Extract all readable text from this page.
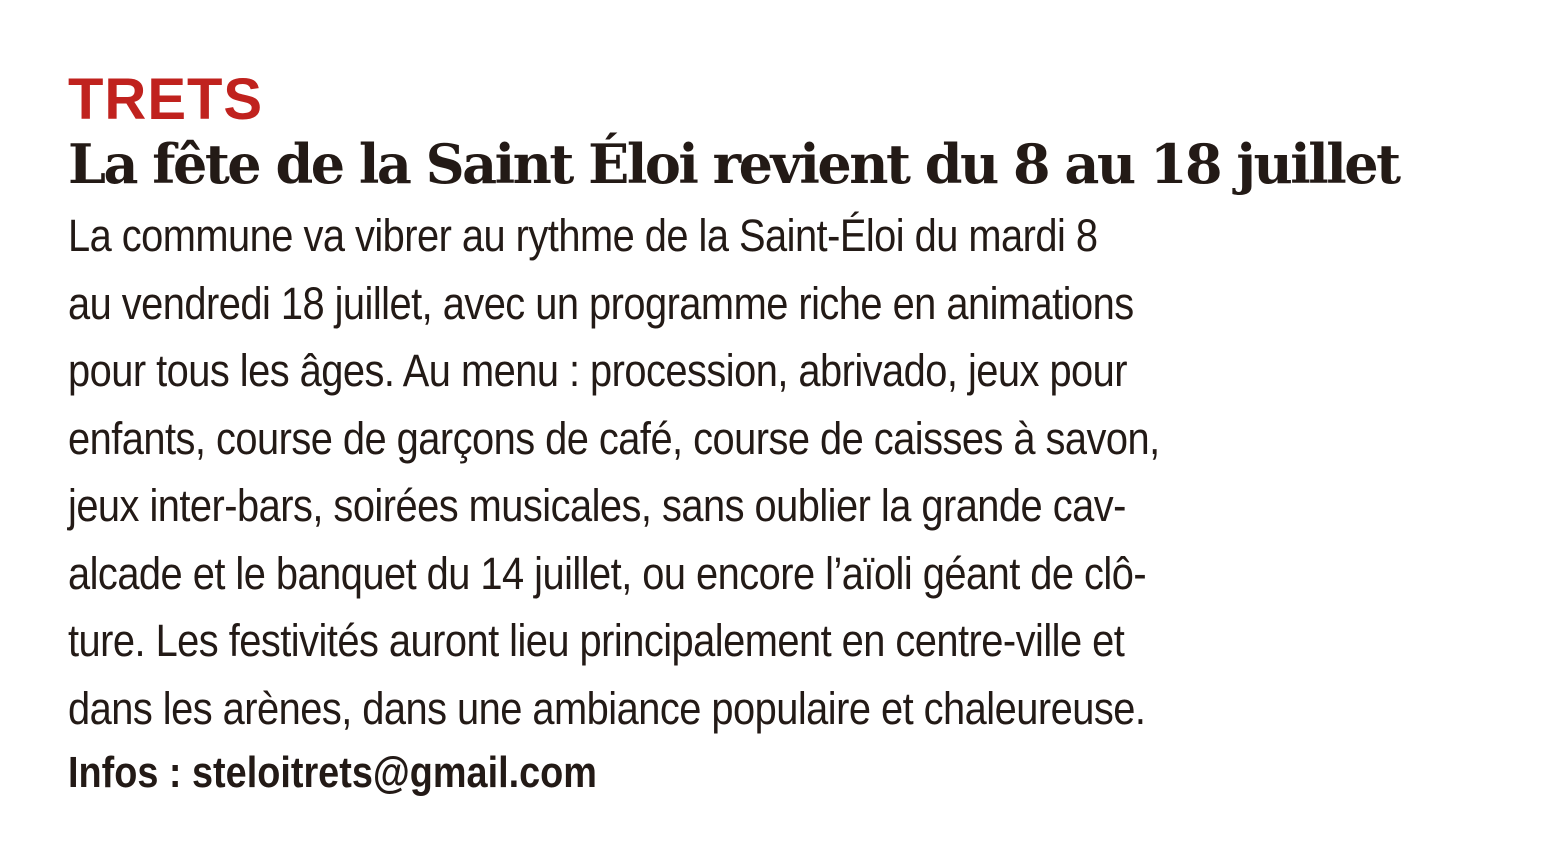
TRETS
La fête de la Saint Éloi revient du 8 au 18 juillet
La commune va vibrer au rythme de la Saint-Éloi du mardi 8
au vendredi 18 juillet, avec un programme riche en animations
pour tous les âges. Au menu : procession, abrivado, jeux pour
enfants, course de garçons de café, course de caisses à savon,
jeux inter-bars, soirées musicales, sans oublier la grande cav-
alcade et le banquet du 14 juillet, ou encore l’aïoli géant de clô-
ture. Les festivités auront lieu principalement en centre-ville et
dans les arènes, dans une ambiance populaire et chaleureuse.
Infos : steloitrets@gmail.com
